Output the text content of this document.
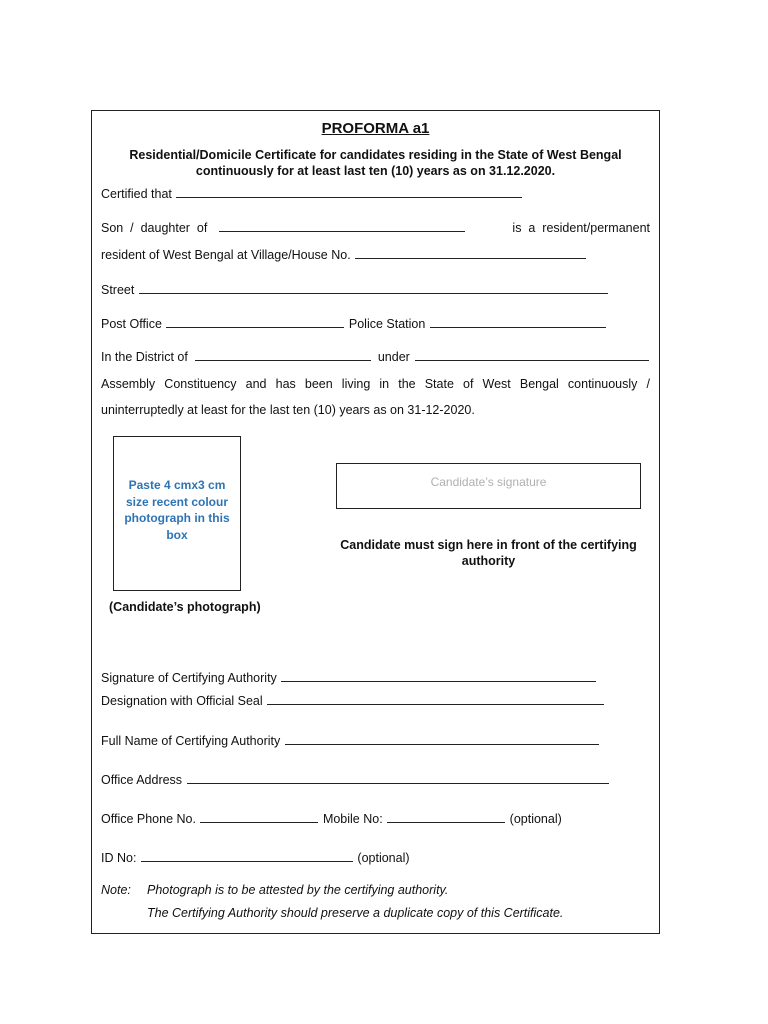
PROFORMA a1
Residential/Domicile Certificate for candidates residing in the State of West Bengal continuously for at least last ten (10) years as on 31.12.2020.
Certified that
Son  /  daughter  of	is  a  resident/permanent
resident of West Bengal at Village/House No.
Street
Post Office	Police Station
In the District of	under
Assembly Constituency and has been living in the State of West Bengal continuously /
uninterruptedly at least for the last ten (10) years as on 31-12-2020.
Paste 4 cmx3 cm size recent colour photograph in this box
(Candidate’s photograph)
Candidate’s signature
Candidate must sign here in front of the certifying authority
Signature of Certifying Authority
Designation with Official Seal
Full Name of Certifying Authority
Office Address
Office Phone No.	Mobile No:	(optional)
ID No:	(optional)
Note: Photograph is to be attested by the certifying authority.
The Certifying Authority should preserve a duplicate copy of this Certificate.
